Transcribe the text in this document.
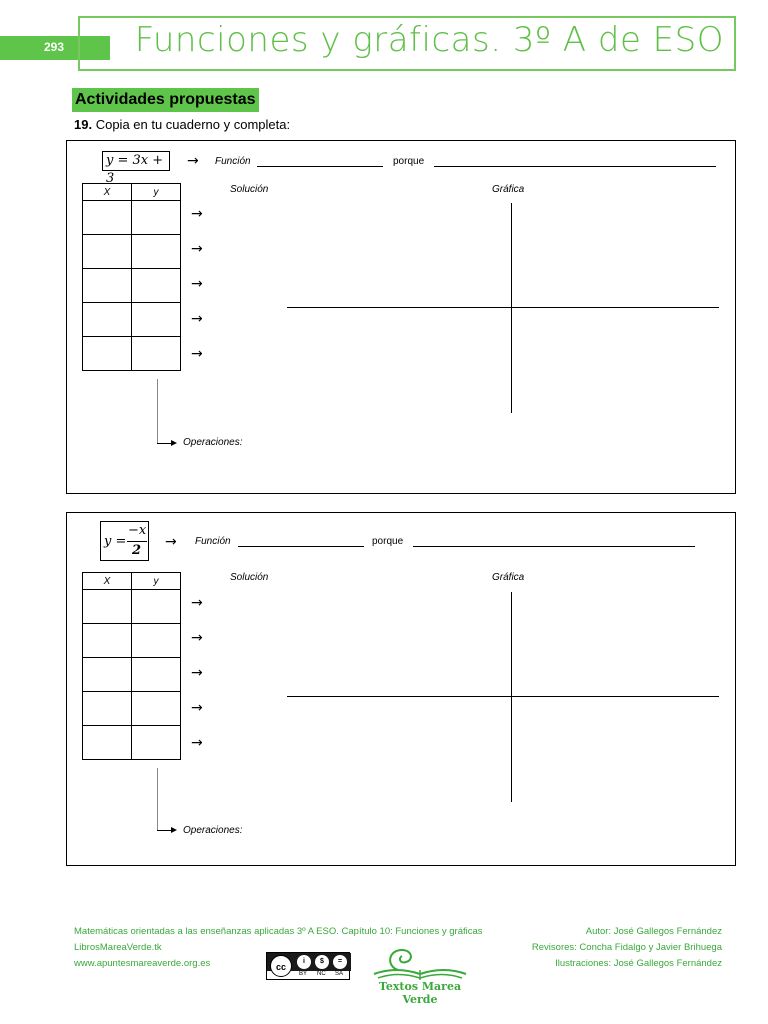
293 Funciones y gráficas. 3º A de ESO
Actividades propuestas
19. Copia en tu cuaderno y completa:
y = 3x + 3
→ Función	porque
X	y

→
→
→
→
→
Solución	Gráfica
Operaciones:
y =
−x
2
→ Función	porque
X	y

→
→
→
→
→
Solución	Gráfica
Operaciones:
Matemáticas orientadas a las enseñanzas aplicadas 3º A ESO. Capítulo 10: Funciones y gráficas
LibrosMareaVerde.tk
www.apuntesmareaverde.org.es
Autor: José Gallegos Fernández
Revisores: Concha Fidalgo y Javier Brihuega
Ilustraciones: José Gallegos Fernández
cc
i	$	=
BY NC SA
Textos Marea Verde
